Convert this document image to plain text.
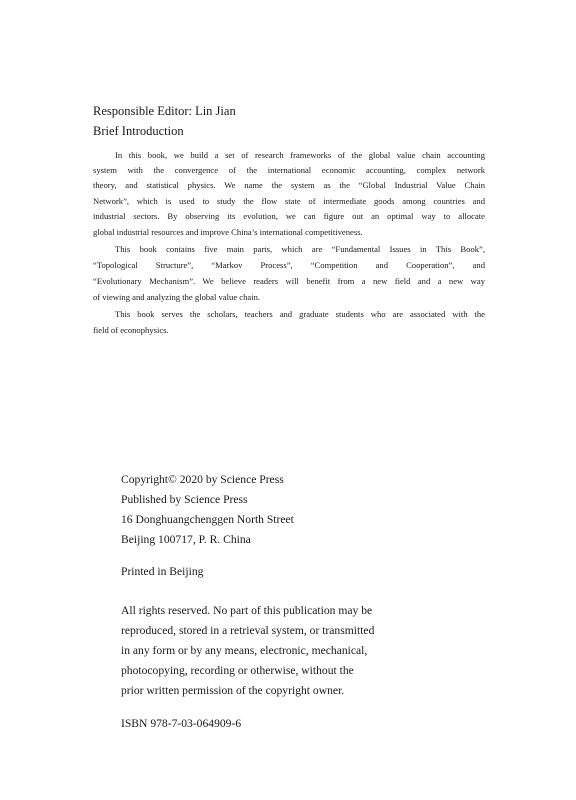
Responsible Editor: Lin Jian
Brief Introduction
In this book, we build a set of research frameworks of the global value chain accounting
system with the convergence of the international economic accounting, complex network
theory, and statistical physics. We name the system as the “Global Industrial Value Chain
Network”, which is used to study the flow state of intermediate goods among countries and
industrial sectors. By observing its evolution, we can figure out an optimal way to allocate
global industrial resources and improve China’s international competitiveness.
This book contains five main parts, which are “Fundamental Issues in This Book”,
“Topological Structure”, “Markov Process”, “Competition and Cooperation”, and
“Evolutionary Mechanism”. We believe readers will benefit from a new field and a new way
of viewing and analyzing the global value chain.
This book serves the scholars, teachers and graduate students who are associated with the
field of econophysics.
Copyright© 2020 by Science Press
Published by Science Press
16 Donghuangchenggen North Street
Beijing 100717, P. R. China
Printed in Beijing
All rights reserved. No part of this publication may be
reproduced, stored in a retrieval system, or transmitted
in any form or by any means, electronic, mechanical,
photocopying, recording or otherwise, without the
prior written permission of the copyright owner.
ISBN 978-7-03-064909-6
